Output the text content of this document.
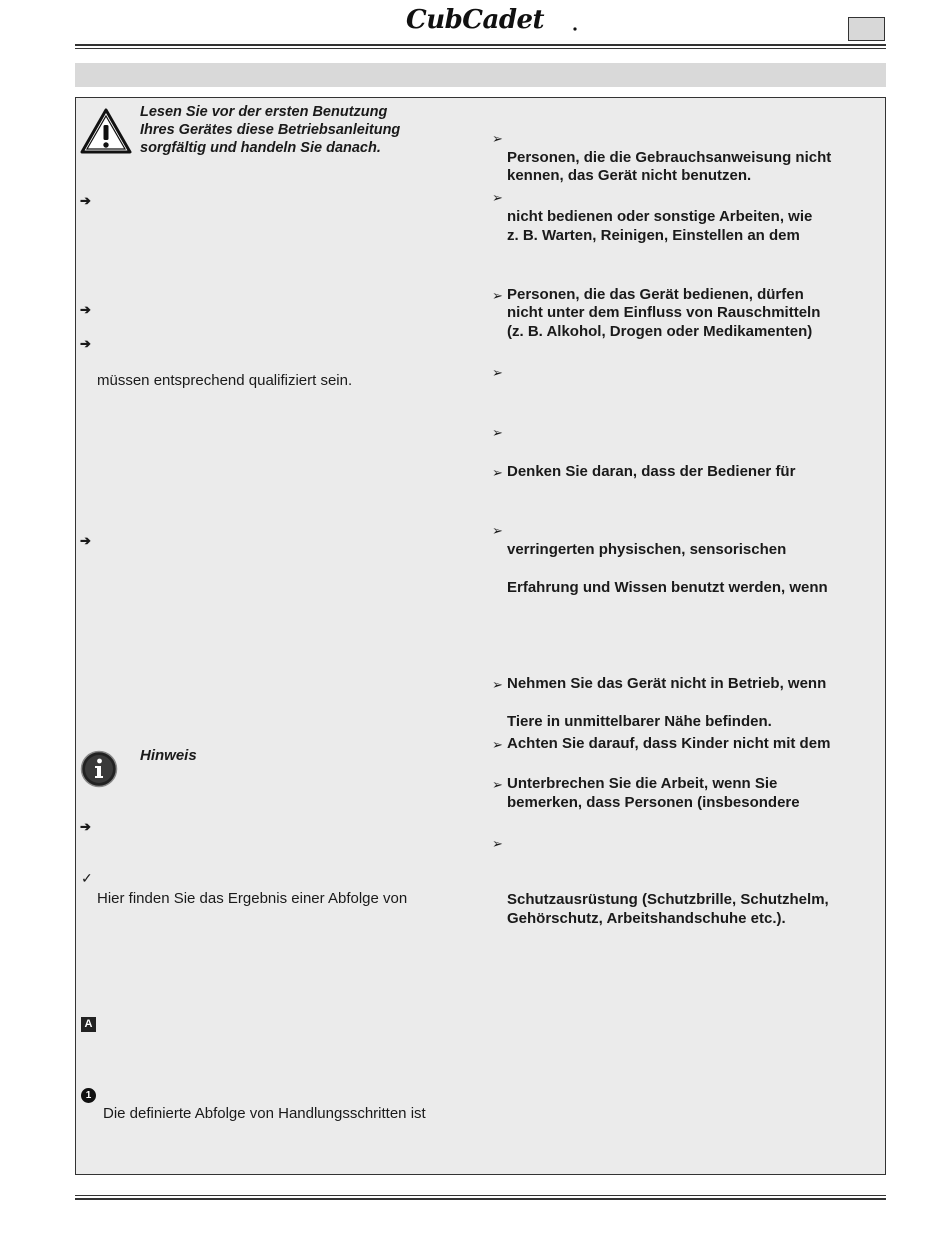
CubCadet
Lesen Sie vor der ersten Benutzung
Ihres Gerätes diese Betriebsanleitung
sorgfältig und handeln Sie danach.
➔
➔
➔
müssen entsprechend qualifiziert sein.
➔
Hinweis
➔
✓
Hier finden Sie das Ergebnis einer Abfolge von
A
1
Die definierte Abfolge von Handlungsschritten ist
➢
Personen, die die Gebrauchsanweisung nicht
kennen, das Gerät nicht benutzen.
➢
nicht bedienen oder sonstige Arbeiten, wie
z. B. Warten, Reinigen, Einstellen an dem
➢ Personen, die das Gerät bedienen, dürfen
nicht unter dem Einfluss von Rauschmitteln
(z. B. Alkohol, Drogen oder Medikamenten)
➢
➢
➢ Denken Sie daran, dass der Bediener für
➢
verringerten physischen, sensorischen
Erfahrung und Wissen benutzt werden, wenn
➢ Nehmen Sie das Gerät nicht in Betrieb, wenn
Tiere in unmittelbarer Nähe befinden.
➢ Achten Sie darauf, dass Kinder nicht mit dem
➢ Unterbrechen Sie die Arbeit, wenn Sie
bemerken, dass Personen (insbesondere
➢
Schutzausrüstung (Schutzbrille, Schutzhelm,
Gehörschutz, Arbeitshandschuhe etc.).
